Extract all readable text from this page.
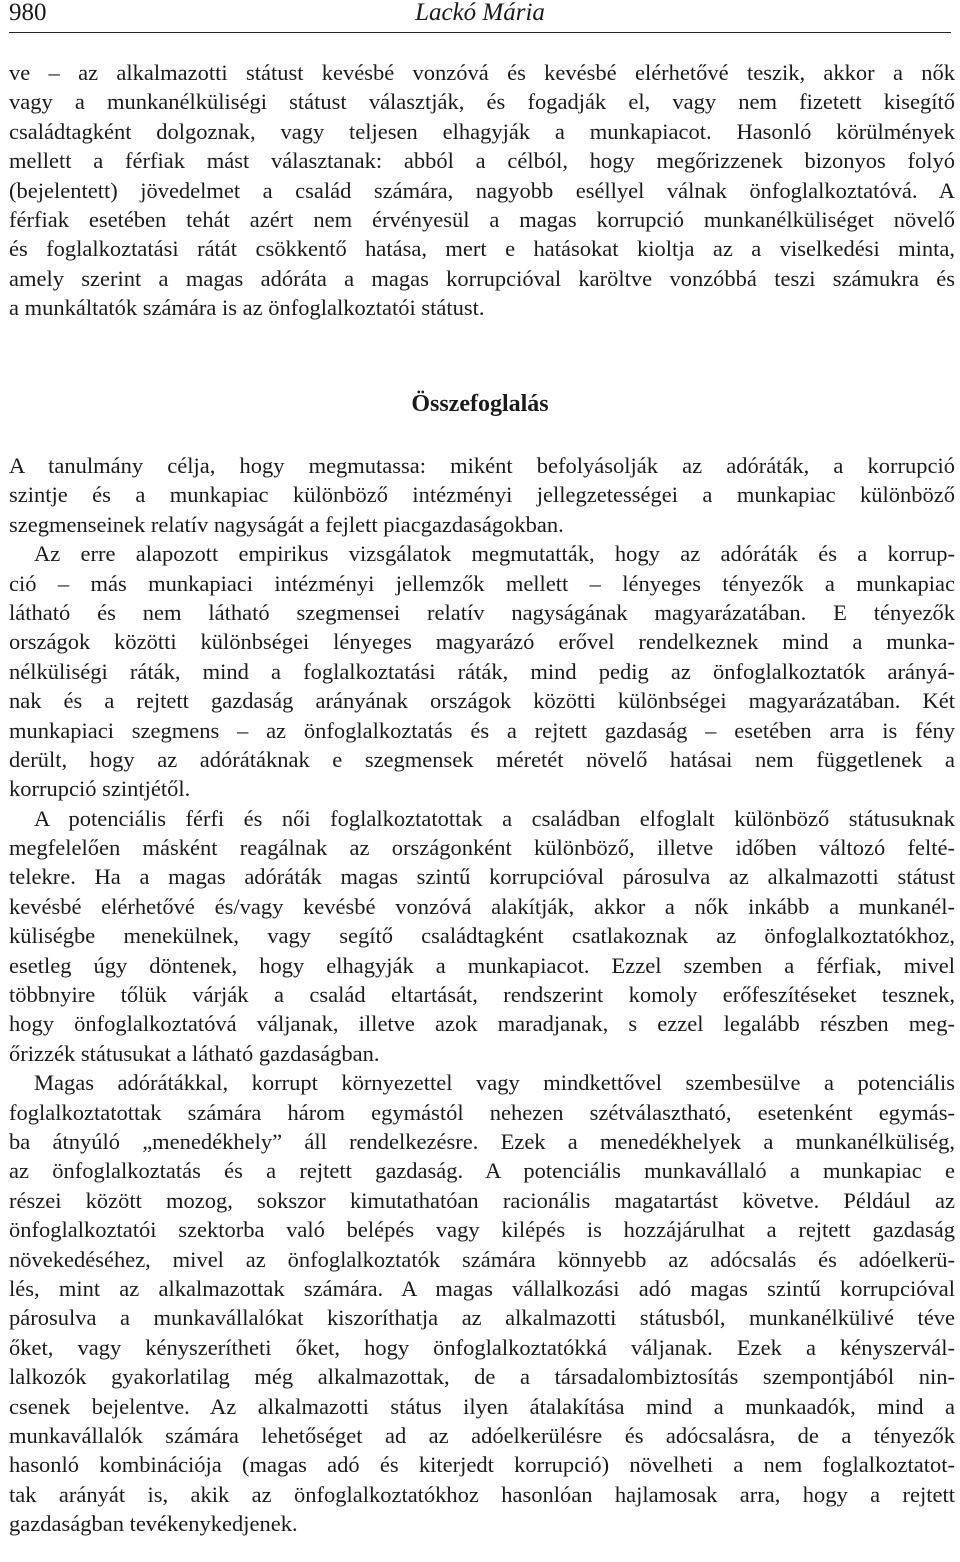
980	Lackó Mária
ve – az alkalmazotti státust kevésbé vonzóvá és kevésbé elérhetővé teszik, akkor a nők
vagy a munkanélküliségi státust választják, és fogadják el, vagy nem fizetett kisegítő
családtagként dolgoznak, vagy teljesen elhagyják a munkapiacot. Hasonló körülmények
mellett a férfiak mást választanak: abból a célból, hogy megőrizzenek bizonyos folyó
(bejelentett) jövedelmet a család számára, nagyobb eséllyel válnak önfoglalkoztatóvá. A
férfiak esetében tehát azért nem érvényesül a magas korrupció munkanélküliséget növelő
és foglalkoztatási rátát csökkentő hatása, mert e hatásokat kioltja az a viselkedési minta,
amely szerint a magas adóráta a magas korrupcióval karöltve vonzóbbá teszi számukra és
a munkáltatók számára is az önfoglalkoztatói státust.
Összefoglalás
A tanulmány célja, hogy megmutassa: miként befolyásolják az adóráták, a korrupció
szintje és a munkapiac különböző intézményi jellegzetességei a munkapiac különböző
szegmenseinek relatív nagyságát a fejlett piacgazdaságokban.
Az erre alapozott empirikus vizsgálatok megmutatták, hogy az adóráták és a korrup-
ció – más munkapiaci intézményi jellemzők mellett – lényeges tényezők a munkapiac
látható és nem látható szegmensei relatív nagyságának magyarázatában. E tényezők
országok közötti különbségei lényeges magyarázó erővel rendelkeznek mind a munka-
nélküliségi ráták, mind a foglalkoztatási ráták, mind pedig az önfoglalkoztatók arányá-
nak és a rejtett gazdaság arányának országok közötti különbségei magyarázatában. Két
munkapiaci szegmens – az önfoglalkoztatás és a rejtett gazdaság – esetében arra is fény
derült, hogy az adórátáknak e szegmensek méretét növelő hatásai nem függetlenek a
korrupció szintjétől.
A potenciális férfi és női foglalkoztatottak a családban elfoglalt különböző státusuknak
megfelelően másként reagálnak az országonként különböző, illetve időben változó felté-
telekre. Ha a magas adóráták magas szintű korrupcióval párosulva az alkalmazotti státust
kevésbé elérhetővé és/vagy kevésbé vonzóvá alakítják, akkor a nők inkább a munkanél-
küliségbe menekülnek, vagy segítő családtagként csatlakoznak az önfoglalkoztatókhoz,
esetleg úgy döntenek, hogy elhagyják a munkapiacot. Ezzel szemben a férfiak, mivel
többnyire tőlük várják a család eltartását, rendszerint komoly erőfeszítéseket tesznek,
hogy önfoglalkoztatóvá váljanak, illetve azok maradjanak, s ezzel legalább részben meg-
őrizzék státusukat a látható gazdaságban.
Magas adórátákkal, korrupt környezettel vagy mindkettővel szembesülve a potenciális
foglalkoztatottak számára három egymástól nehezen szétválasztható, esetenként egymás-
ba átnyúló „menedékhely” áll rendelkezésre. Ezek a menedékhelyek a munkanélküliség,
az önfoglalkoztatás és a rejtett gazdaság. A potenciális munkavállaló a munkapiac e
részei között mozog, sokszor kimutathatóan racionális magatartást követve. Például az
önfoglalkoztatói szektorba való belépés vagy kilépés is hozzájárulhat a rejtett gazdaság
növekedéséhez, mivel az önfoglalkoztatók számára könnyebb az adócsalás és adóelkerü-
lés, mint az alkalmazottak számára. A magas vállalkozási adó magas szintű korrupcióval
párosulva a munkavállalókat kiszoríthatja az alkalmazotti státusból, munkanélkülivé téve
őket, vagy kényszerítheti őket, hogy önfoglalkoztatókká váljanak. Ezek a kényszervál-
lalkozók gyakorlatilag még alkalmazottak, de a társadalombiztosítás szempontjából nin-
csenek bejelentve. Az alkalmazotti státus ilyen átalakítása mind a munkaadók, mind a
munkavállalók számára lehetőséget ad az adóelkerülésre és adócsalásra, de a tényezők
hasonló kombinációja (magas adó és kiterjedt korrupció) növelheti a nem foglalkoztatot-
tak arányát is, akik az önfoglalkoztatókhoz hasonlóan hajlamosak arra, hogy a rejtett
gazdaságban tevékenykedjenek.
